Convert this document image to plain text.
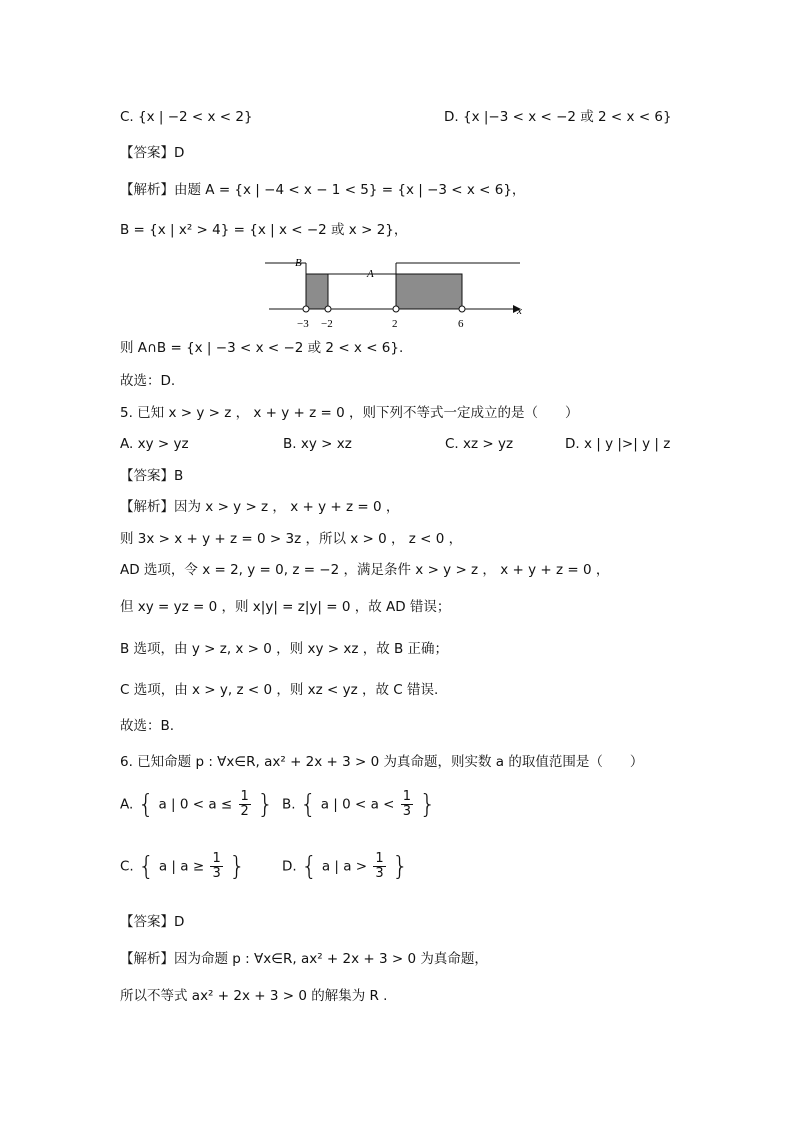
C. {x | −2 < x < 2}	D. {x |−3 < x < −2 或 2 < x < 6}
【答案】D
【解析】由题 A = {x | −4 < x − 1 < 5} = {x | −3 < x < 6}，
B = {x | x² > 4} = {x | x < −2 或 x > 2}，
x
B
A
−3 −2	2	6
则 A∩B = {x | −3 < x < −2 或 2 < x < 6}.
故选：D.
5. 已知 x > y > z ， x + y + z = 0 ，则下列不等式一定成立的是（　　）
A. xy > yz	B. xy > xz	C. xz > yz	D. x | y |>| y | z
【答案】B
【解析】因为 x > y > z ， x + y + z = 0 ，
则 3x > x + y + z = 0 > 3z ，所以 x > 0 ， z < 0 ，
AD 选项，令 x = 2, y = 0, z = −2 ，满足条件 x > y > z ， x + y + z = 0 ，
但 xy = yz = 0 ，则 x|y| = z|y| = 0 ，故 AD 错误；
B 选项，由 y > z, x > 0 ，则 xy > xz ，故 B 正确；
C 选项，由 x > y, z < 0 ，则 xz < yz ，故 C 错误.
故选：B.
6. 已知命题 p : ∀x∈R, ax² + 2x + 3 > 0 为真命题，则实数 a 的取值范围是（　　）
A. { a | $0 < a \le \frac{1}{2}$ } B. { a | $0 < a < \frac{1}{3}$ }
C. { a | $a \ge \frac{1}{3}$ }	D. { a | $a > \frac{1}{3}$ }
【答案】D
【解析】因为命题 p : ∀x∈R, ax² + 2x + 3 > 0 为真命题，
所以不等式 ax² + 2x + 3 > 0 的解集为 R .
